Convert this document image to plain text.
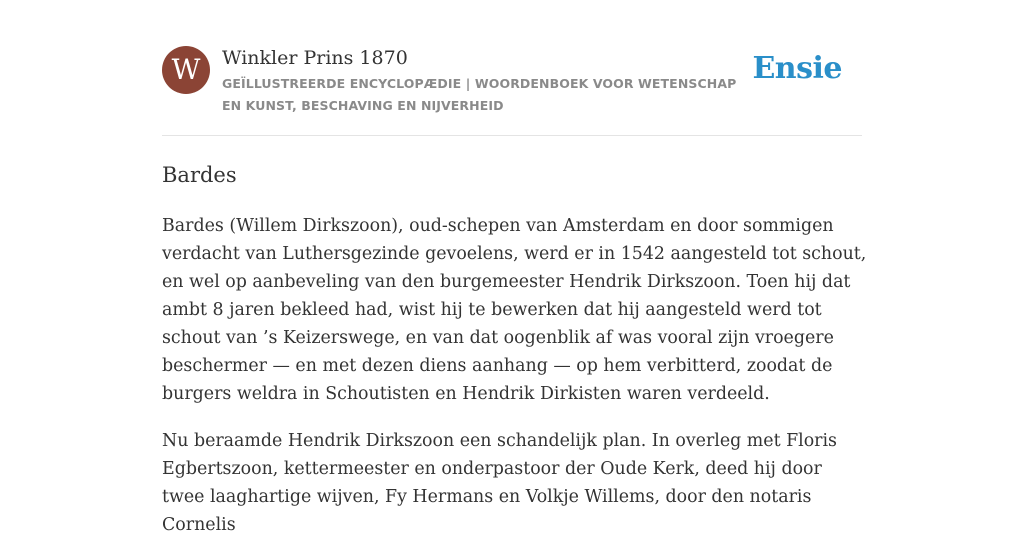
W	Winkler Prins 1870
GEÏLLUSTREERDE ENCYCLOPÆDIE | WOORDENBOEK VOOR WETENSCHAP EN KUNST, BESCHAVING EN NIJVERHEID
Ensie
Bardes

Bardes (Willem Dirkszoon), oud-schepen van Amsterdam en door sommigen verdacht van Luthersgezinde gevoelens, werd er in 1542 aangesteld tot schout, en wel op aanbeveling van den burgemeester Hendrik Dirkszoon. Toen hij dat ambt 8 jaren bekleed had, wist hij te bewerken dat hij aangesteld werd tot schout van ’s Keizerswege, en van dat oogenblik af was vooral zijn vroegere beschermer — en met dezen diens aanhang — op hem verbitterd, zoodat de burgers weldra in Schoutisten en Hendrik Dirkisten waren verdeeld.

Nu beraamde Hendrik Dirkszoon een schandelijk plan. In overleg met Floris Egbertszoon, kettermeester en onderpastoor der Oude Kerk, deed hij door twee laaghartige wijven, Fy Hermans en Volkje Willems, door den notaris Cornelis
